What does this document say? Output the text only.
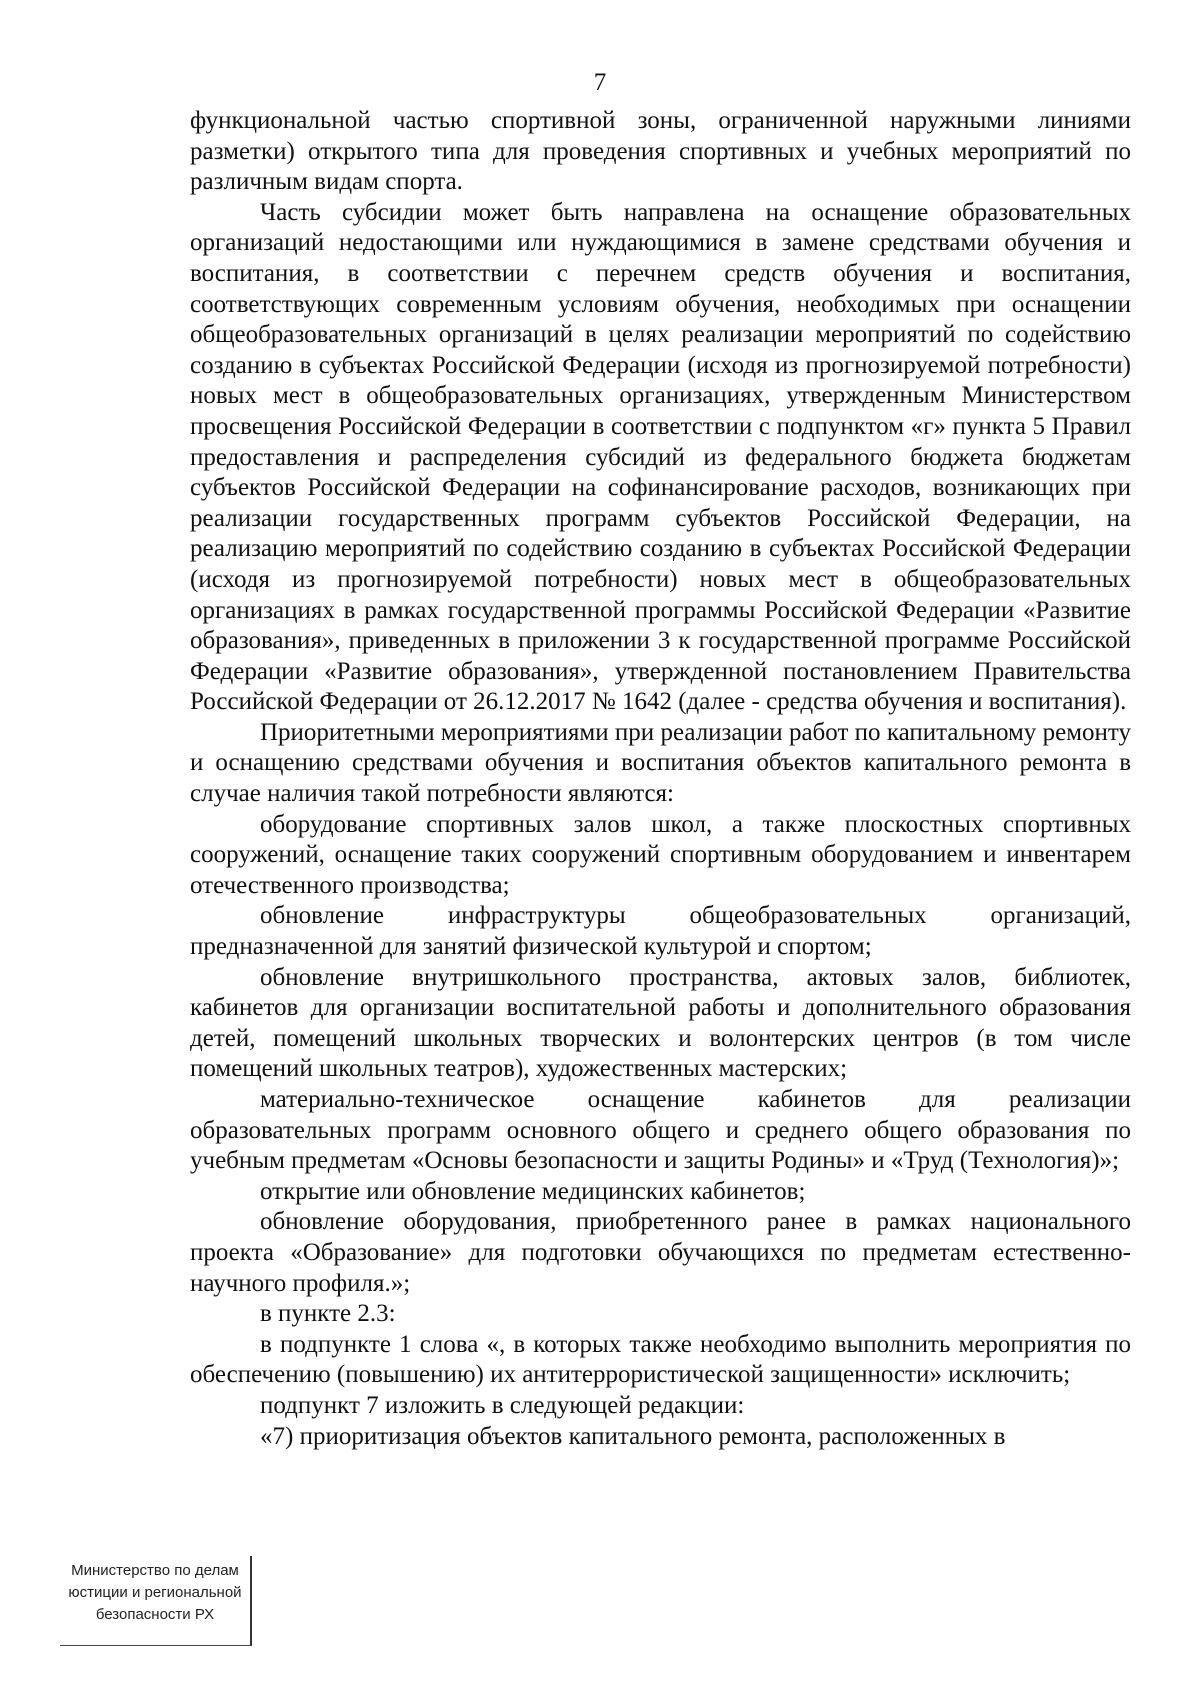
7

функциональной частью спортивной зоны, ограниченной наружными линиями разметки) открытого типа для проведения спортивных и учебных мероприятий по различным видам спорта.

Часть субсидии может быть направлена на оснащение образовательных организаций недостающими или нуждающимися в замене средствами обучения и воспитания, в соответствии с перечнем средств обучения и воспитания, соответствующих современным условиям обучения, необходимых при оснащении общеобразовательных организаций в целях реализации мероприятий по содействию созданию в субъектах Российской Федерации (исходя из прогнозируемой потребности) новых мест в общеобразовательных организациях, утвержденным Министерством просвещения Российской Федерации в соответствии с подпунктом «г» пункта 5 Правил предоставления и распределения субсидий из федерального бюджета бюджетам субъектов Российской Федерации на софинансирование расходов, возникающих при реализации государственных программ субъектов Российской Федерации, на реализацию мероприятий по содействию созданию в субъектах Российской Федерации (исходя из прогнозируемой потребности) новых мест в общеобразовательных организациях в рамках государственной программы Российской Федерации «Развитие образования», приведенных в приложении 3 к государственной программе Российской Федерации «Развитие образования», утвержденной постановлением Правительства Российской Федерации от 26.12.2017 № 1642 (далее - средства обучения и воспитания).

Приоритетными мероприятиями при реализации работ по капитальному ремонту и оснащению средствами обучения и воспитания объектов капитального ремонта в случае наличия такой потребности являются:

оборудование спортивных залов школ, а также плоскостных спортивных сооружений, оснащение таких сооружений спортивным оборудованием и инвентарем отечественного производства;

обновление инфраструктуры общеобразовательных организаций, предназначенной для занятий физической культурой и спортом;

обновление внутришкольного пространства, актовых залов, библиотек, кабинетов для организации воспитательной работы и дополнительного образования детей, помещений школьных творческих и волонтерских центров (в том числе помещений школьных театров), художественных мастерских;

материально-техническое оснащение кабинетов для реализации образовательных программ основного общего и среднего общего образования по учебным предметам «Основы безопасности и защиты Родины» и «Труд (Технология)»;

открытие или обновление медицинских кабинетов;

обновление оборудования, приобретенного ранее в рамках национального проекта «Образование» для подготовки обучающихся по предметам естественно-научного профиля.»;

в пункте 2.3:

в подпункте 1 слова «, в которых также необходимо выполнить мероприятия по обеспечению (повышению) их антитеррористической защищенности» исключить;

подпункт 7 изложить в следующей редакции:

«7) приоритизация объектов капитального ремонта, расположенных в

Министерство по делам
юстиции и региональной
безопасности РХ
